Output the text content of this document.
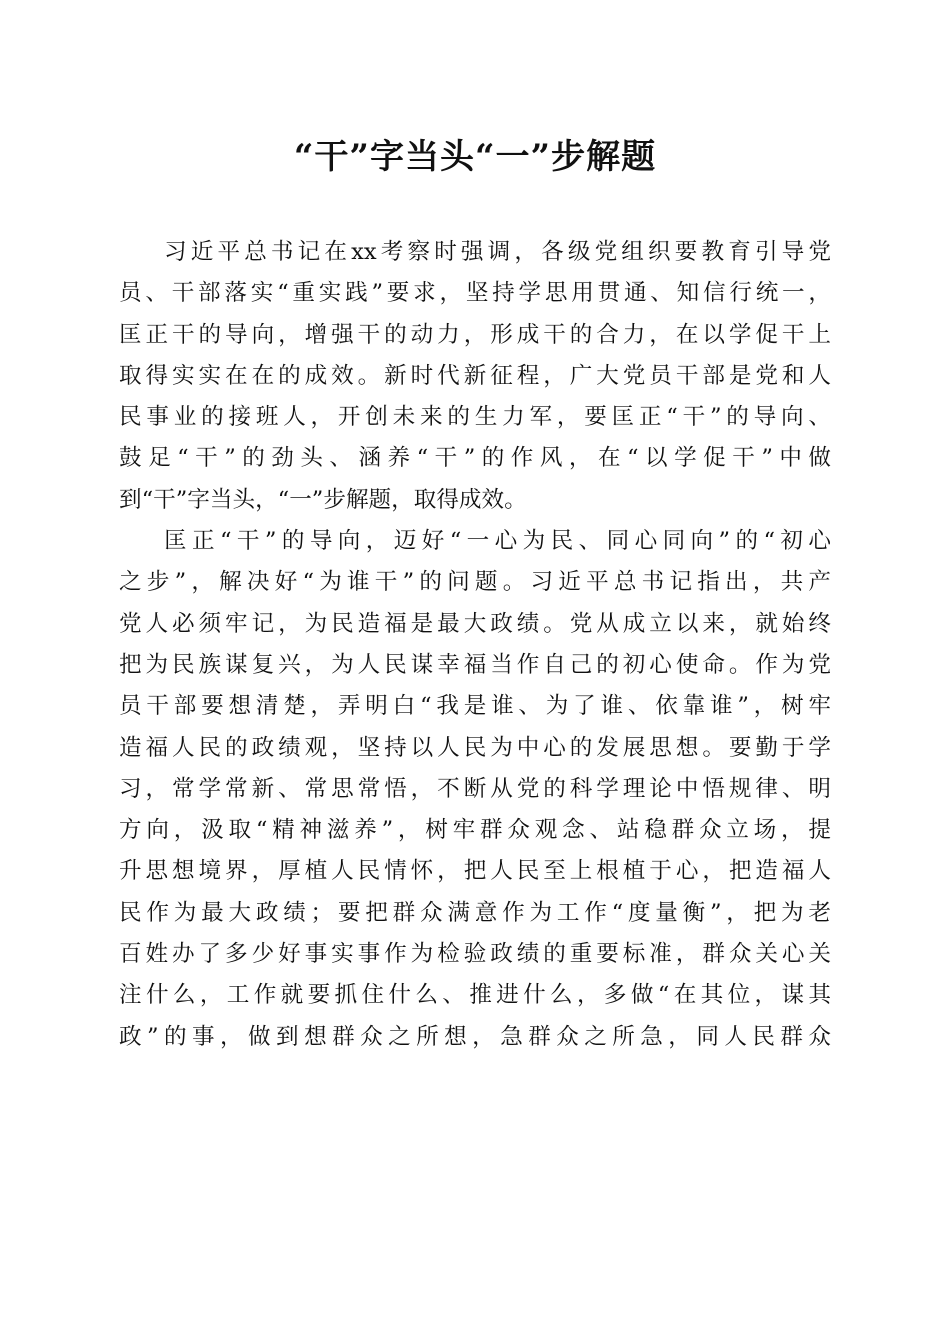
“干”字当头“一”步解题
习近平总书记在xx考察时强调，各级党组织要教育引导党
员、干部落实“重实践”要求，坚持学思用贯通、知信行统一，
匡正干的导向，增强干的动力，形成干的合力，在以学促干上
取得实实在在的成效。新时代新征程，广大党员干部是党和人
民事业的接班人，开创未来的生力军，要匡正“干”的导向、
鼓足“干”的劲头、涵养“干”的作风，在“以学促干”中做
到“干”字当头，“一”步解题，取得成效。
匡正“干”的导向，迈好“一心为民、同心同向”的“初心
之步”，解决好“为谁干”的问题。习近平总书记指出，共产
党人必须牢记，为民造福是最大政绩。党从成立以来，就始终
把为民族谋复兴，为人民谋幸福当作自己的初心使命。作为党
员干部要想清楚，弄明白“我是谁、为了谁、依靠谁”，树牢
造福人民的政绩观，坚持以人民为中心的发展思想。要勤于学
习，常学常新、常思常悟，不断从党的科学理论中悟规律、明
方向，汲取“精神滋养”，树牢群众观念、站稳群众立场，提
升思想境界，厚植人民情怀，把人民至上根植于心，把造福人
民作为最大政绩；要把群众满意作为工作“度量衡”，把为老
百姓办了多少好事实事作为检验政绩的重要标准，群众关心关
注什么，工作就要抓住什么、推进什么，多做“在其位，谋其
政”的事，做到想群众之所想，急群众之所急，同人民群众
